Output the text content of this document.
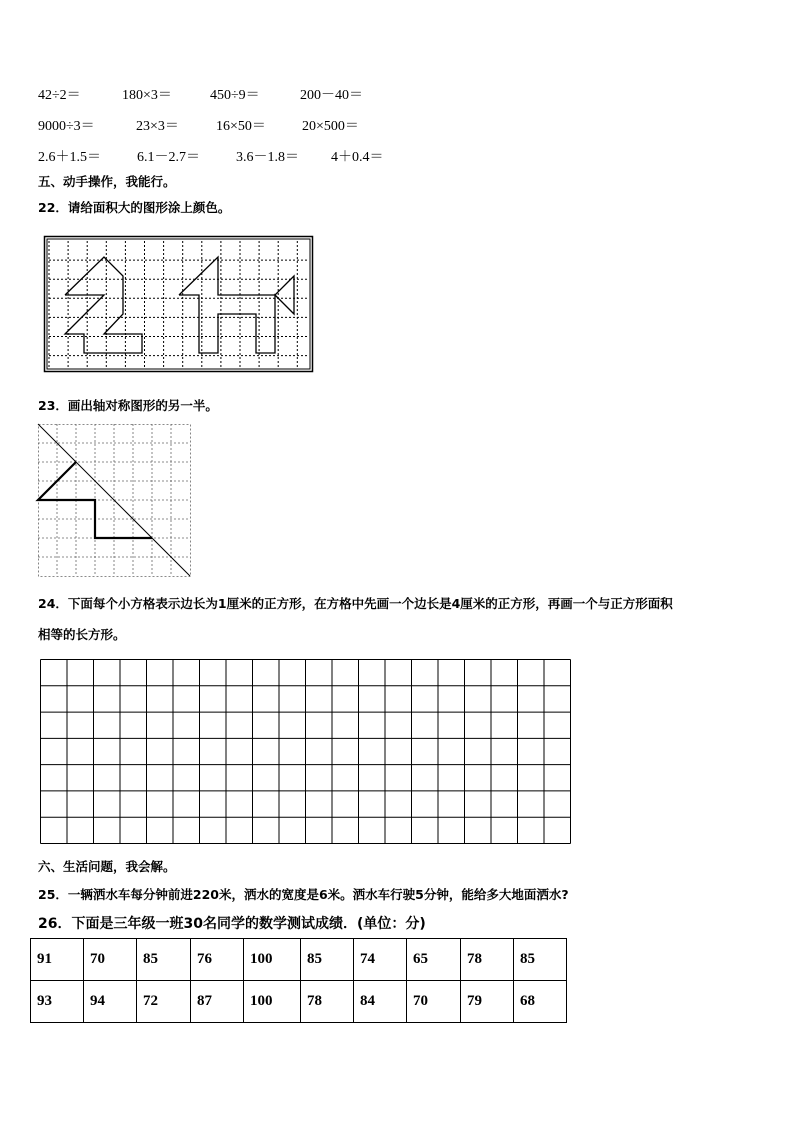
42÷2＝	180×3＝	450÷9＝	200－40＝
9000÷3＝	23×3＝	16×50＝	20×500＝
2.6＋1.5＝	6.1－2.7＝	3.6－1.8＝ 4＋0.4＝
五、动手操作，我能行。
22．请给面积大的图形涂上颜色。
23．画出轴对称图形的另一半。
24．下面每个小方格表示边长为1厘米的正方形，在方格中先画一个边长是4厘米的正方形，再画一个与正方形面积
相等的长方形。
六、生活问题，我会解。
25．一辆洒水车每分钟前进220米，洒水的宽度是6米。洒水车行驶5分钟，能给多大地面洒水?
26．下面是三年级一班30名同学的数学测试成绩．(单位：分)
91	70	85	76	100	85	74	65	78	85
93	94	72	87	100	78	84	70	79	68
